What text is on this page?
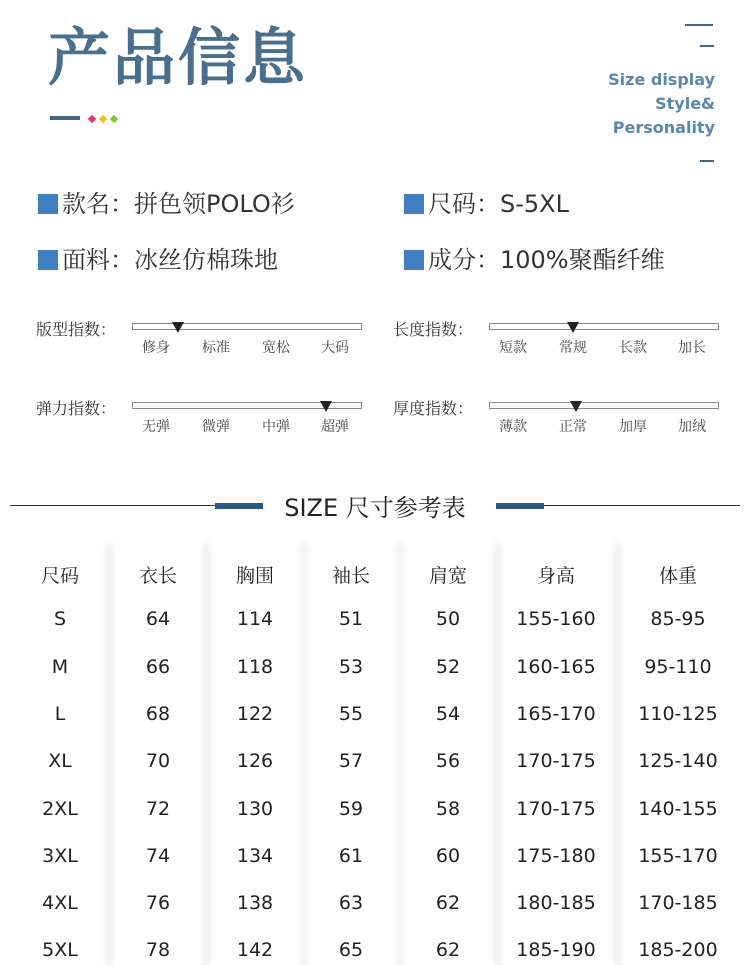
产品信息	Size display
Style&
Personality
款名：拼色领POLO衫	尺码：S-5XL
面料：冰丝仿棉珠地	成分：100%聚酯纤维
版型指数：
修身 标准 宽松 大码
长度指数：
短款 常规 长款 加长
弹力指数：
无弹 微弹 中弹 超弹
厚度指数：
薄款 正常 加厚 加绒
SIZE 尺寸参考表
尺码	衣长	胸围	袖长	肩宽	身高	体重
S	64	114	51	50	155-160	85-95
M	66	118	53	52	160-165	95-110
L	68	122	55	54	165-170	110-125
XL	70	126	57	56	170-175	125-140
2XL	72	130	59	58	170-175	140-155
3XL	74	134	61	60	175-180	155-170
4XL	76	138	63	62	180-185	170-185
5XL	78	142	65	62	185-190	185-200
